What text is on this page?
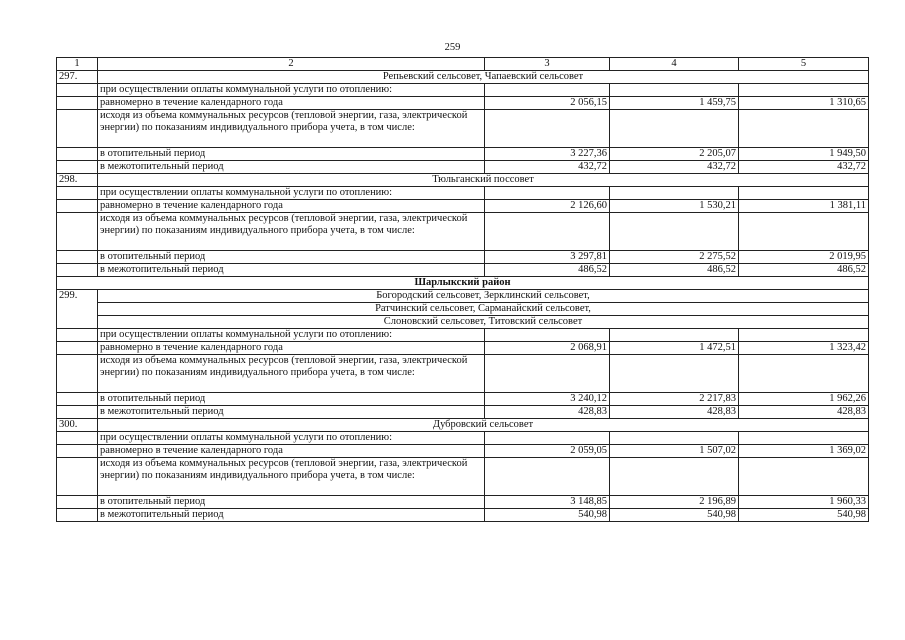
259
1	2	3	4	5
297.	Репьевский сельсовет, Чапаевский сельсовет			
	при осуществлении оплаты коммунальной услуги по отоплению:			
	равномерно в течение календарного года	2 056,15	1 459,75	1 310,65
	исходя из объема коммунальных ресурсов (тепловой энергии, газа, электрической энергии) по показаниям индивидуального прибора учета, в том числе:			
	в отопительный период	3 227,36	2 205,07	1 949,50
	в межотопительный период	432,72	432,72	432,72
298.	Тюльганский поссовет			
	при осуществлении оплаты коммунальной услуги по отоплению:			
	равномерно в течение календарного года	2 126,60	1 530,21	1 381,11
	исходя из объема коммунальных ресурсов (тепловой энергии, газа, электрической энергии) по показаниям индивидуального прибора учета, в том числе:			
	в отопительный период	3 297,81	2 275,52	2 019,95
	в межотопительный период	486,52	486,52	486,52
Шарлыкский район				
299.	Богородский сельсовет, Зерклинский сельсовет,			
	Ратчинский сельсовет, Сарманайский сельсовет,			
	Слоновский сельсовет, Титовский сельсовет			
	при осуществлении оплаты коммунальной услуги по отоплению:			
	равномерно в течение календарного года	2 068,91	1 472,51	1 323,42
	исходя из объема коммунальных ресурсов (тепловой энергии, газа, электрической энергии) по показаниям индивидуального прибора учета, в том числе:			
	в отопительный период	3 240,12	2 217,83	1 962,26
	в межотопительный период	428,83	428,83	428,83
300.	Дубровский сельсовет			
	при осуществлении оплаты коммунальной услуги по отоплению:			
	равномерно в течение календарного года	2 059,05	1 507,02	1 369,02
	исходя из объема коммунальных ресурсов (тепловой энергии, газа, электрической энергии) по показаниям индивидуального прибора учета, в том числе:			
	в отопительный период	3 148,85	2 196,89	1 960,33
	в межотопительный период	540,98	540,98	540,98
